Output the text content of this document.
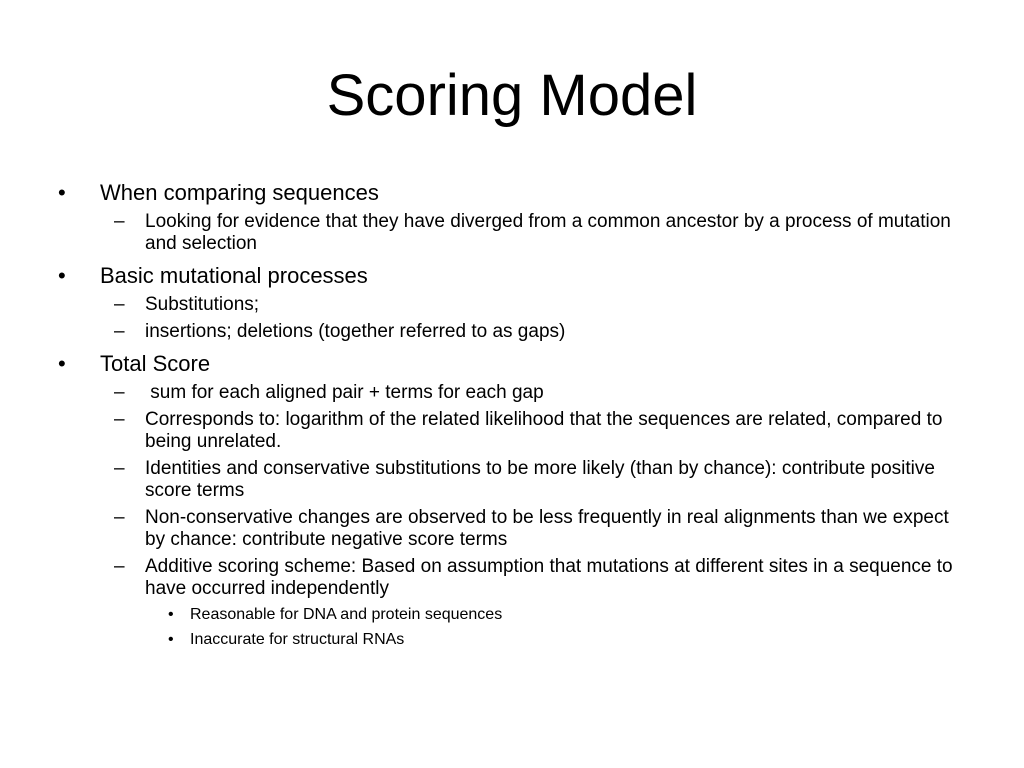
Scoring Model
• When comparing sequences
– Looking for evidence that they have diverged from a common ancestor by a process of mutation and selection
• Basic mutational processes
– Substitutions;
– insertions; deletions (together referred to as gaps)
• Total Score
– sum for each aligned pair + terms for each gap
– Corresponds to: logarithm of the related likelihood that the sequences are related, compared to being unrelated.
– Identities and conservative substitutions to be more likely (than by chance): contribute positive score terms
– Non-conservative changes are observed to be less frequently in real alignments than we expect by chance: contribute negative score terms
– Additive scoring scheme: Based on assumption that mutations at different sites in a sequence to have occurred independently
• Reasonable for DNA and protein sequences
• Inaccurate for structural RNAs
